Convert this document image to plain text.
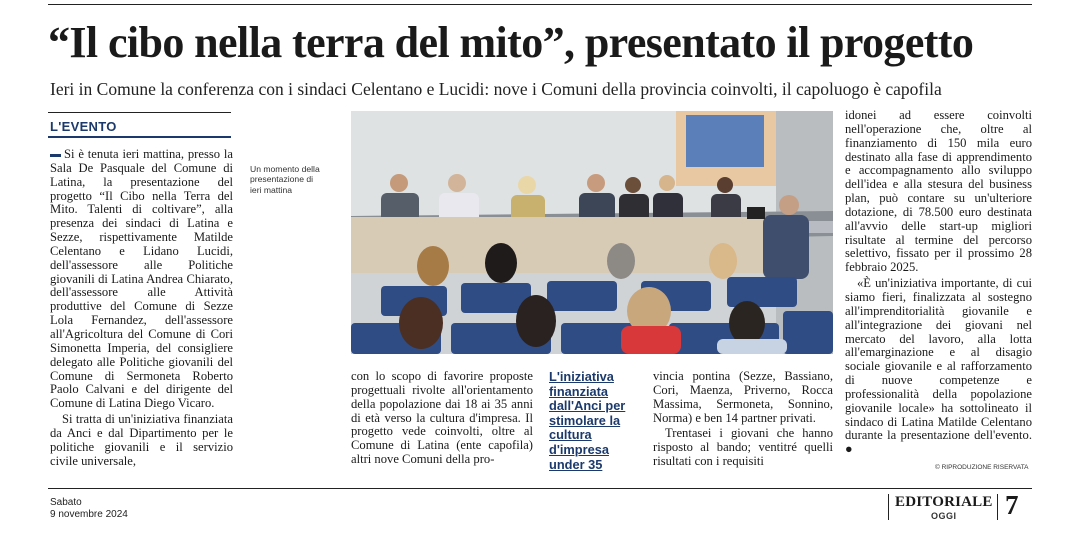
“Il cibo nella terra del mito”, presentato il progetto
Ieri in Comune la conferenza con i sindaci Celentano e Lucidi: nove i Comuni della provincia coinvolti, il capoluogo è capofila
L'EVENTO

Si è tenuta ieri mattina, presso la Sala De Pasquale del Comune di Latina, la presentazione del progetto “Il Cibo nella Terra del Mito. Talenti di coltivare”, alla presenza dei sindaci di Latina e Sezze, rispettivamente Matilde Celentano e Lidano Lucidi, dell'assessore alle Politiche giovanili di Latina Andrea Chiarato, dell'assessore alle Attività produttive del Comune di Sezze Lola Fernandez, dell'assessore all'Agricoltura del Comune di Cori Simonetta Imperia, del consigliere delegato alle Politiche giovanili del Comune di Sermoneta Roberto Paolo Calvani e del dirigente del Comune di Latina Diego Vicaro.

Si tratta di un'iniziativa finanziata da Anci e dal Dipartimento per le politiche giovanili e il servizio civile universale,

Un momento della presentazione di ieri mattina

con lo scopo di favorire proposte progettuali rivolte all'orientamento della popolazione dai 18 ai 35 anni di età verso la cultura d'impresa. Il progetto vede coinvolti, oltre al Comune di Latina (ente capofila) altri nove Comuni della pro-

L'iniziativa finanziata dall'Anci per stimolare la cultura d'impresa under 35

vincia pontina (Sezze, Bassiano, Cori, Maenza, Priverno, Rocca Massima, Sermoneta, Sonnino, Norma) e ben 14 partner privati.

Trentasei i giovani che hanno risposto al bando; ventitré quelli risultati con i requisiti

idonei ad essere coinvolti nell'operazione che, oltre al finanziamento di 150 mila euro destinato alla fase di apprendimento e accompagnamento allo sviluppo dell'idea e alla stesura del business plan, può contare su un'ulteriore dotazione, di 78.500 euro destinata all'avvio delle start-up migliori risultate al termine del percorso selettivo, fissato per il prossimo 28 febbraio 2025.

«È un'iniziativa importante, di cui siamo fieri, finalizzata al sostegno all'imprenditorialità giovanile e all'integrazione dei giovani nel mercato del lavoro, alla lotta all'emarginazione e al disagio sociale giovanile e al rafforzamento di nuove competenze e professionalità della popolazione giovanile locale» ha sottolineato il sindaco di Latina Matilde Celentano durante la presentazione dell'evento. ●

© RIPRODUZIONE RISERVATA
Sabato
9 novembre 2024
EDITORIALE
OGGI 7
